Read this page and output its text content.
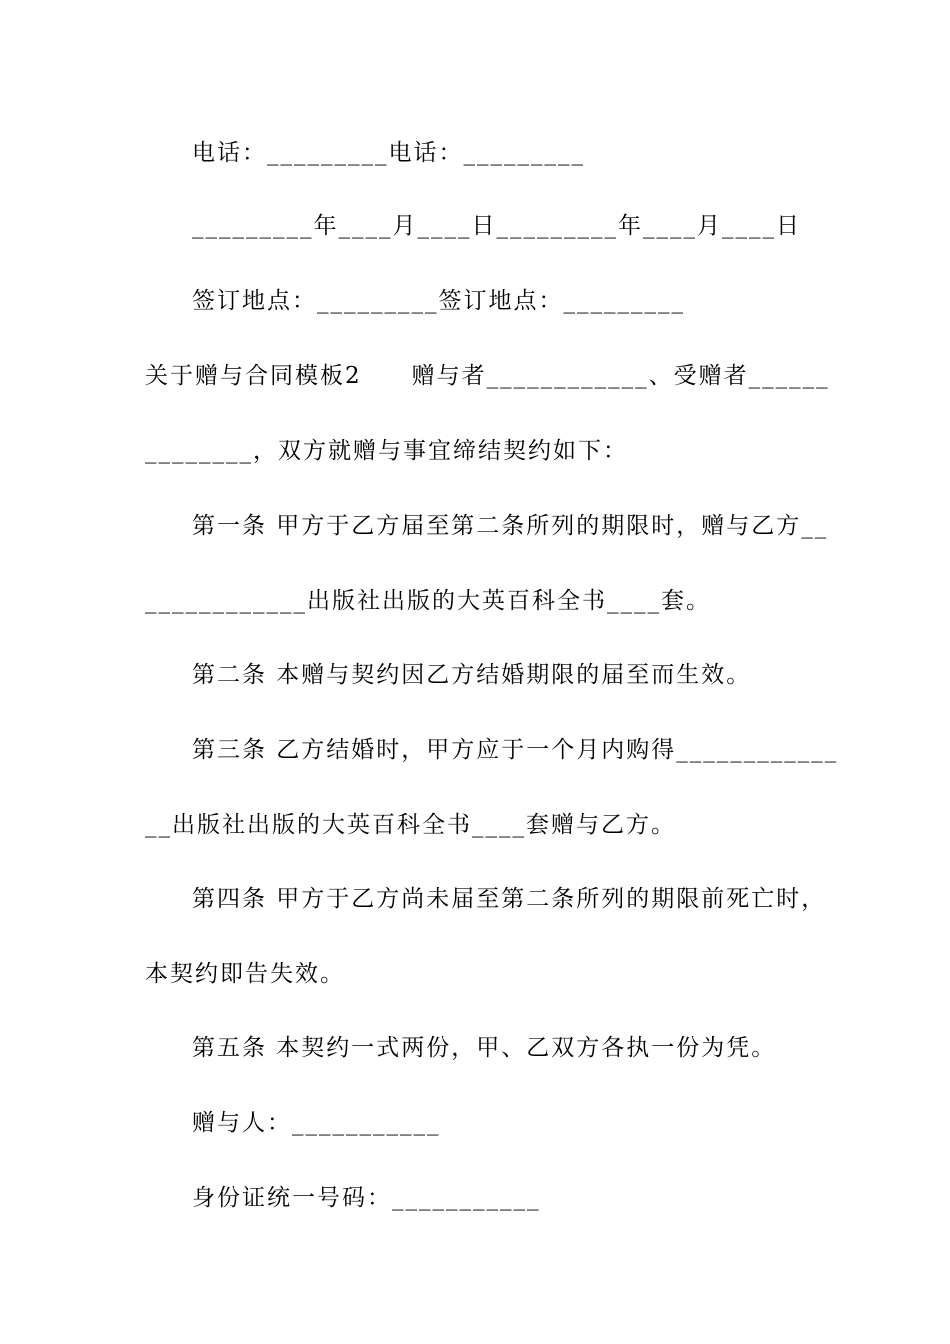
电话：_________电话：_________
_________年____月____日_________年____月____日
签订地点：_________签订地点：_________
关于赠与合同模板2　　赠与者____________、受赠者______
________，双方就赠与事宜缔结契约如下：
第一条 甲方于乙方届至第二条所列的期限时，赠与乙方__
____________出版社出版的大英百科全书____套。
第二条 本赠与契约因乙方结婚期限的届至而生效。
第三条 乙方结婚时，甲方应于一个月内购得____________
__出版社出版的大英百科全书____套赠与乙方。
第四条 甲方于乙方尚未届至第二条所列的期限前死亡时，
本契约即告失效。
第五条 本契约一式两份，甲、乙双方各执一份为凭。
赠与人：___________
身份证统一号码：___________
